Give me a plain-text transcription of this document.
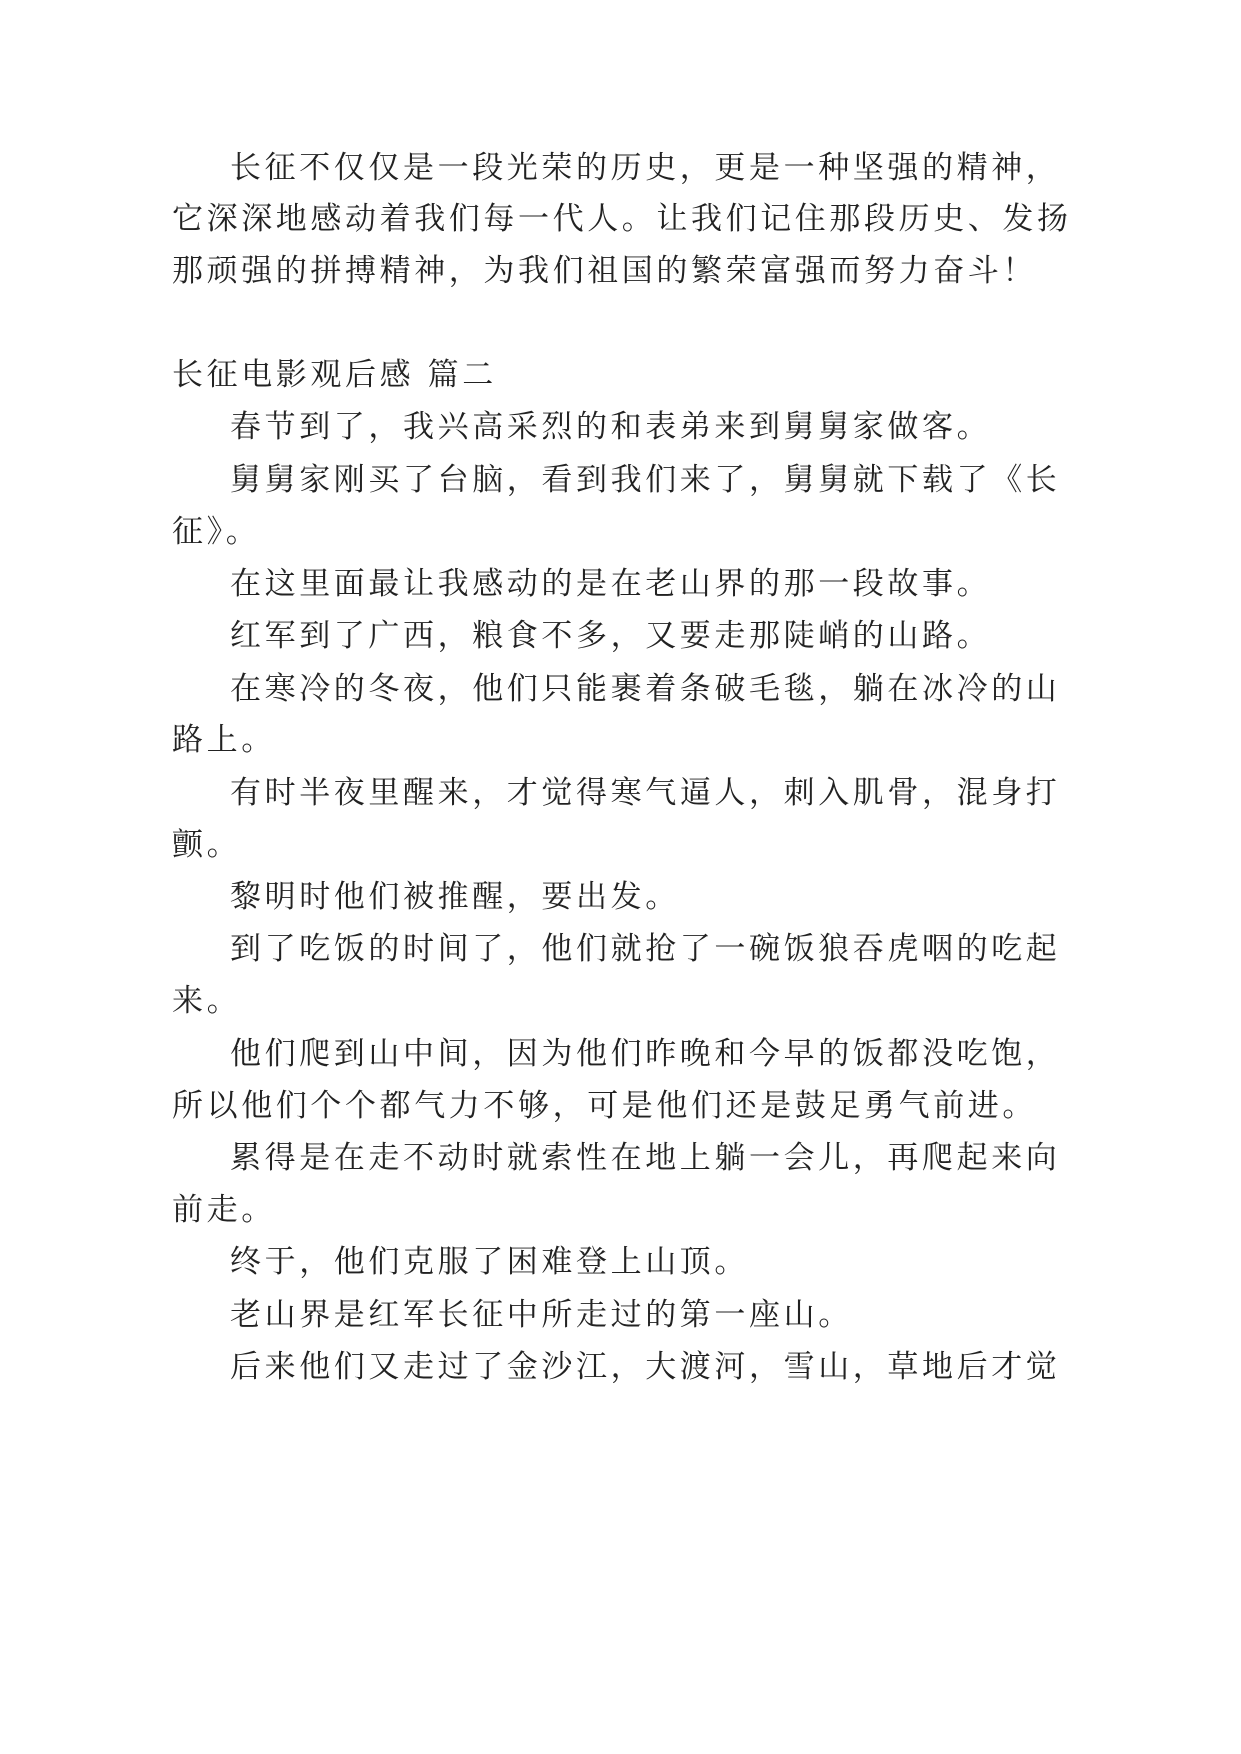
长征不仅仅是一段光荣的历史，更是一种坚强的精神，
它深深地感动着我们每一代人。让我们记住那段历史、发扬
那顽强的拼搏精神，为我们祖国的繁荣富强而努力奋斗！
长征电影观后感 篇二
春节到了，我兴高采烈的和表弟来到舅舅家做客。
舅舅家刚买了台脑，看到我们来了，舅舅就下载了《长
征》。
在这里面最让我感动的是在老山界的那一段故事。
红军到了广西，粮食不多，又要走那陡峭的山路。
在寒冷的冬夜，他们只能裹着条破毛毯，躺在冰冷的山
路上。
有时半夜里醒来，才觉得寒气逼人，刺入肌骨，混身打
颤。
黎明时他们被推醒，要出发。
到了吃饭的时间了，他们就抢了一碗饭狼吞虎咽的吃起
来。
他们爬到山中间，因为他们昨晚和今早的饭都没吃饱，
所以他们个个都气力不够，可是他们还是鼓足勇气前进。
累得是在走不动时就索性在地上躺一会儿，再爬起来向
前走。
终于，他们克服了困难登上山顶。
老山界是红军长征中所走过的第一座山。
后来他们又走过了金沙江，大渡河，雪山，草地后才觉
